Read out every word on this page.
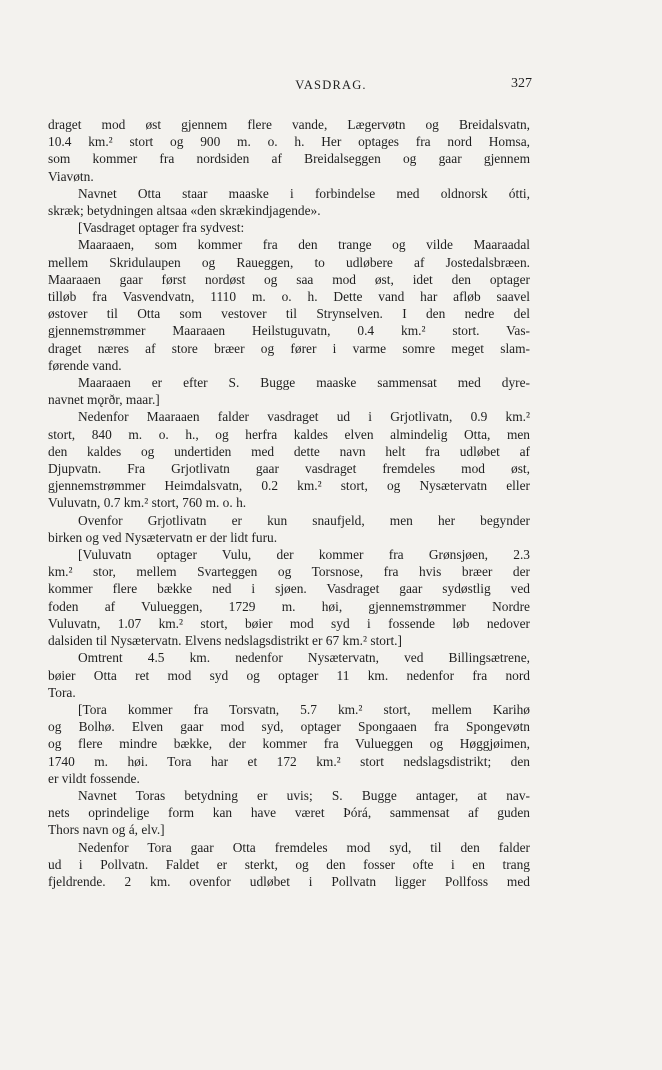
VASDRAG.	327
draget mod øst gjennem flere vande, Lægervøtn og Breidalsvatn,
10.4 km.² stort og 900 m. o. h. Her optages fra nord Homsa,
som kommer fra nordsiden af Breidalseggen og gaar gjennem
Viavøtn.
Navnet Otta staar maaske i forbindelse med oldnorsk ótti,
skræk; betydningen altsaa «den skrækindjagende».
[Vasdraget optager fra sydvest:
Maaraaen, som kommer fra den trange og vilde Maaraadal
mellem Skridulaupen og Raueggen, to udløbere af Jostedalsbræen.
Maaraaen gaar først nordøst og saa mod øst, idet den optager
tilløb fra Vasvendvatn, 1110 m. o. h. Dette vand har afløb saavel
østover til Otta som vestover til Strynselven. I den nedre del
gjennemstrømmer Maaraaen Heilstuguvatn, 0.4 km.² stort. Vas-
draget næres af store bræer og fører i varme somre meget slam-
førende vand.
Maaraaen er efter S. Bugge maaske sammensat med dyre-
navnet mǫrðr, maar.]
Nedenfor Maaraaen falder vasdraget ud i Grjotlivatn, 0.9 km.²
stort, 840 m. o. h., og herfra kaldes elven almindelig Otta, men
den kaldes og undertiden med dette navn helt fra udløbet af
Djupvatn. Fra Grjotlivatn gaar vasdraget fremdeles mod øst,
gjennemstrømmer Heimdalsvatn, 0.2 km.² stort, og Nysætervatn eller
Vuluvatn, 0.7 km.² stort, 760 m. o. h.
Ovenfor Grjotlivatn er kun snaufjeld, men her begynder
birken og ved Nysætervatn er der lidt furu.
[Vuluvatn optager Vulu, der kommer fra Grønsjøen, 2.3
km.² stor, mellem Svarteggen og Torsnose, fra hvis bræer der
kommer flere bække ned i sjøen. Vasdraget gaar sydøstlig ved
foden af Vulueggen, 1729 m. høi, gjennemstrømmer Nordre
Vuluvatn, 1.07 km.² stort, bøier mod syd i fossende løb nedover
dalsiden til Nysætervatn. Elvens nedslagsdistrikt er 67 km.² stort.]
Omtrent 4.5 km. nedenfor Nysætervatn, ved Billingsætrene,
bøier Otta ret mod syd og optager 11 km. nedenfor fra nord
Tora.
[Tora kommer fra Torsvatn, 5.7 km.² stort, mellem Karihø
og Bolhø. Elven gaar mod syd, optager Spongaaen fra Spongevøtn
og flere mindre bække, der kommer fra Vulueggen og Høggjøimen,
1740 m. høi. Tora har et 172 km.² stort nedslagsdistrikt; den
er vildt fossende.
Navnet Toras betydning er uvis; S. Bugge antager, at nav-
nets oprindelige form kan have været Þórá, sammensat af guden
Thors navn og á, elv.]
Nedenfor Tora gaar Otta fremdeles mod syd, til den falder
ud i Pollvatn. Faldet er sterkt, og den fosser ofte i en trang
fjeldrende. 2 km. ovenfor udløbet i Pollvatn ligger Pollfoss med
